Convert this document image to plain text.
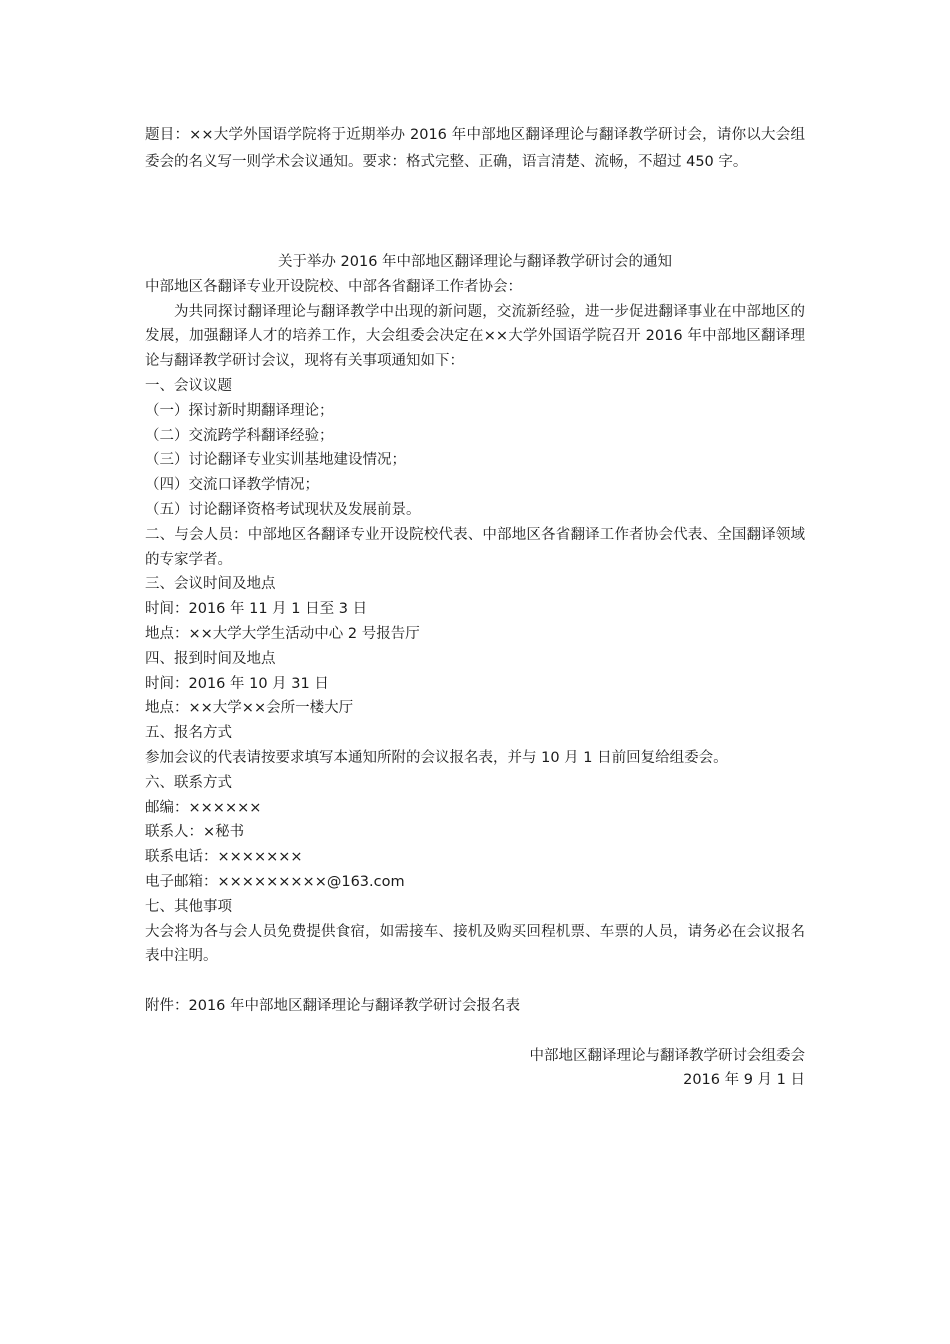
题目：××大学外国语学院将于近期举办 2016 年中部地区翻译理论与翻译教学研讨会，请你以大会组委会的名义写一则学术会议通知。要求：格式完整、正确，语言清楚、流畅，不超过 450 字。

关于举办 2016 年中部地区翻译理论与翻译教学研讨会的通知

中部地区各翻译专业开设院校、中部各省翻译工作者协会：

为共同探讨翻译理论与翻译教学中出现的新问题，交流新经验，进一步促进翻译事业在中部地区的发展，加强翻译人才的培养工作，大会组委会决定在××大学外国语学院召开 2016 年中部地区翻译理论与翻译教学研讨会议，现将有关事项通知如下：

一、会议议题

（一）探讨新时期翻译理论；

（二）交流跨学科翻译经验；

（三）讨论翻译专业实训基地建设情况；

（四）交流口译教学情况；

（五）讨论翻译资格考试现状及发展前景。

二、与会人员：中部地区各翻译专业开设院校代表、中部地区各省翻译工作者协会代表、全国翻译领域的专家学者。

三、会议时间及地点

时间：2016 年 11 月 1 日至 3 日

地点：××大学大学生活动中心 2 号报告厅

四、报到时间及地点

时间：2016 年 10 月 31 日

地点：××大学××会所一楼大厅

五、报名方式

参加会议的代表请按要求填写本通知所附的会议报名表，并与 10 月 1 日前回复给组委会。

六、联系方式

邮编：××××××

联系人：×秘书

联系电话：×××××××

电子邮箱：×××××××××@163.com

七、其他事项

大会将为各与会人员免费提供食宿，如需接车、接机及购买回程机票、车票的人员，请务必在会议报名表中注明。

附件：2016 年中部地区翻译理论与翻译教学研讨会报名表

中部地区翻译理论与翻译教学研讨会组委会

2016 年 9 月 1 日
